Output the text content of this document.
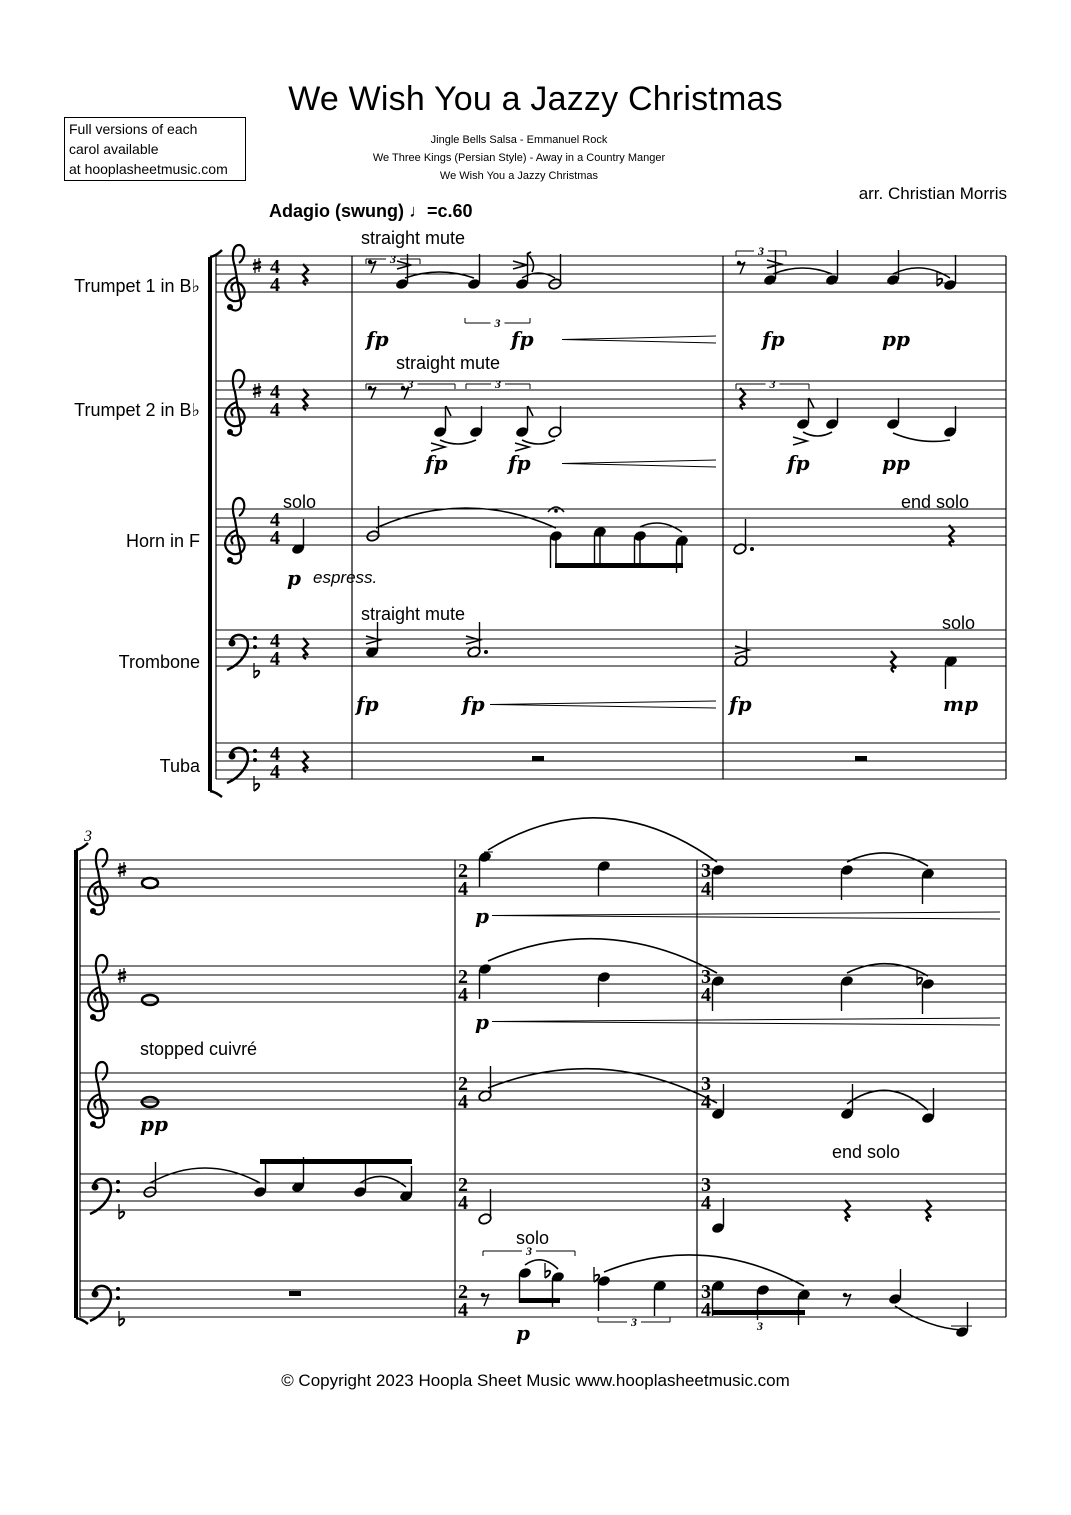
We Wish You a Jazzy Christmas
Jingle Bells Salsa - Emmanuel Rock
We Three Kings (Persian Style) - Away in a Country Manger
We Wish You a Jazzy Christmas
Full versions of each
carol available
at hooplasheetmusic.com
arr. Christian Morris
Adagio (swung) ♩=c.60
Trumpet 1 in B♭
Trumpet 2 in B♭
Horn in F
Trombone
Tuba
straight mute
straight mute
solo	end solo
espress.
straight mute	solo
stopped cuivré
end solo
solo
3
fp	fp	fp	pp
fp	fp	fp	pp
p
fp	fp	fp	mp
p
p
pp
p
4
4
4
4
4
4
4
4
4
4
3
3
3
3	3	3
2
4
3
4
2
4
3
4
2
4
3
4
2
4
3
4
2
4
3
4
3
3	3
© Copyright 2023 Hoopla Sheet Music www.hooplasheetmusic.com
